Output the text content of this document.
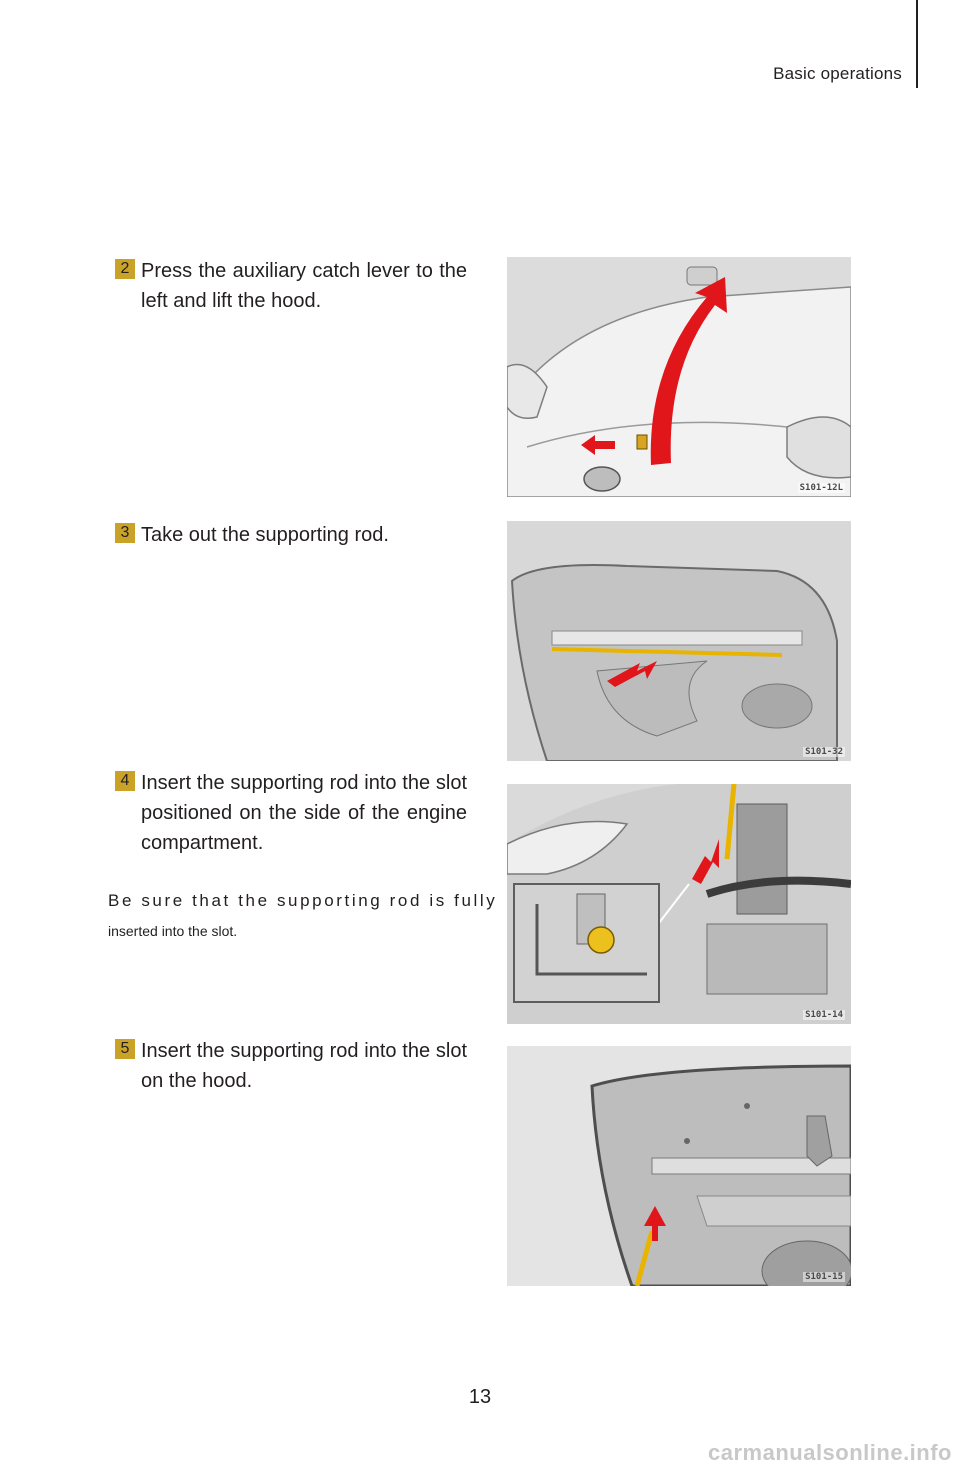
Basic operations
2 Press the auxiliary catch lever to the left and lift the hood.
S101-12L
3 Take out the supporting rod.
S101-32
4 Insert the supporting rod into the slot positioned on the side of the engine compartment.
Be sure that the supporting rod is fully
inserted into the slot.
S101-14
5 Insert the supporting rod into the slot on the hood.
S101-15
13
carmanualsonline.info
